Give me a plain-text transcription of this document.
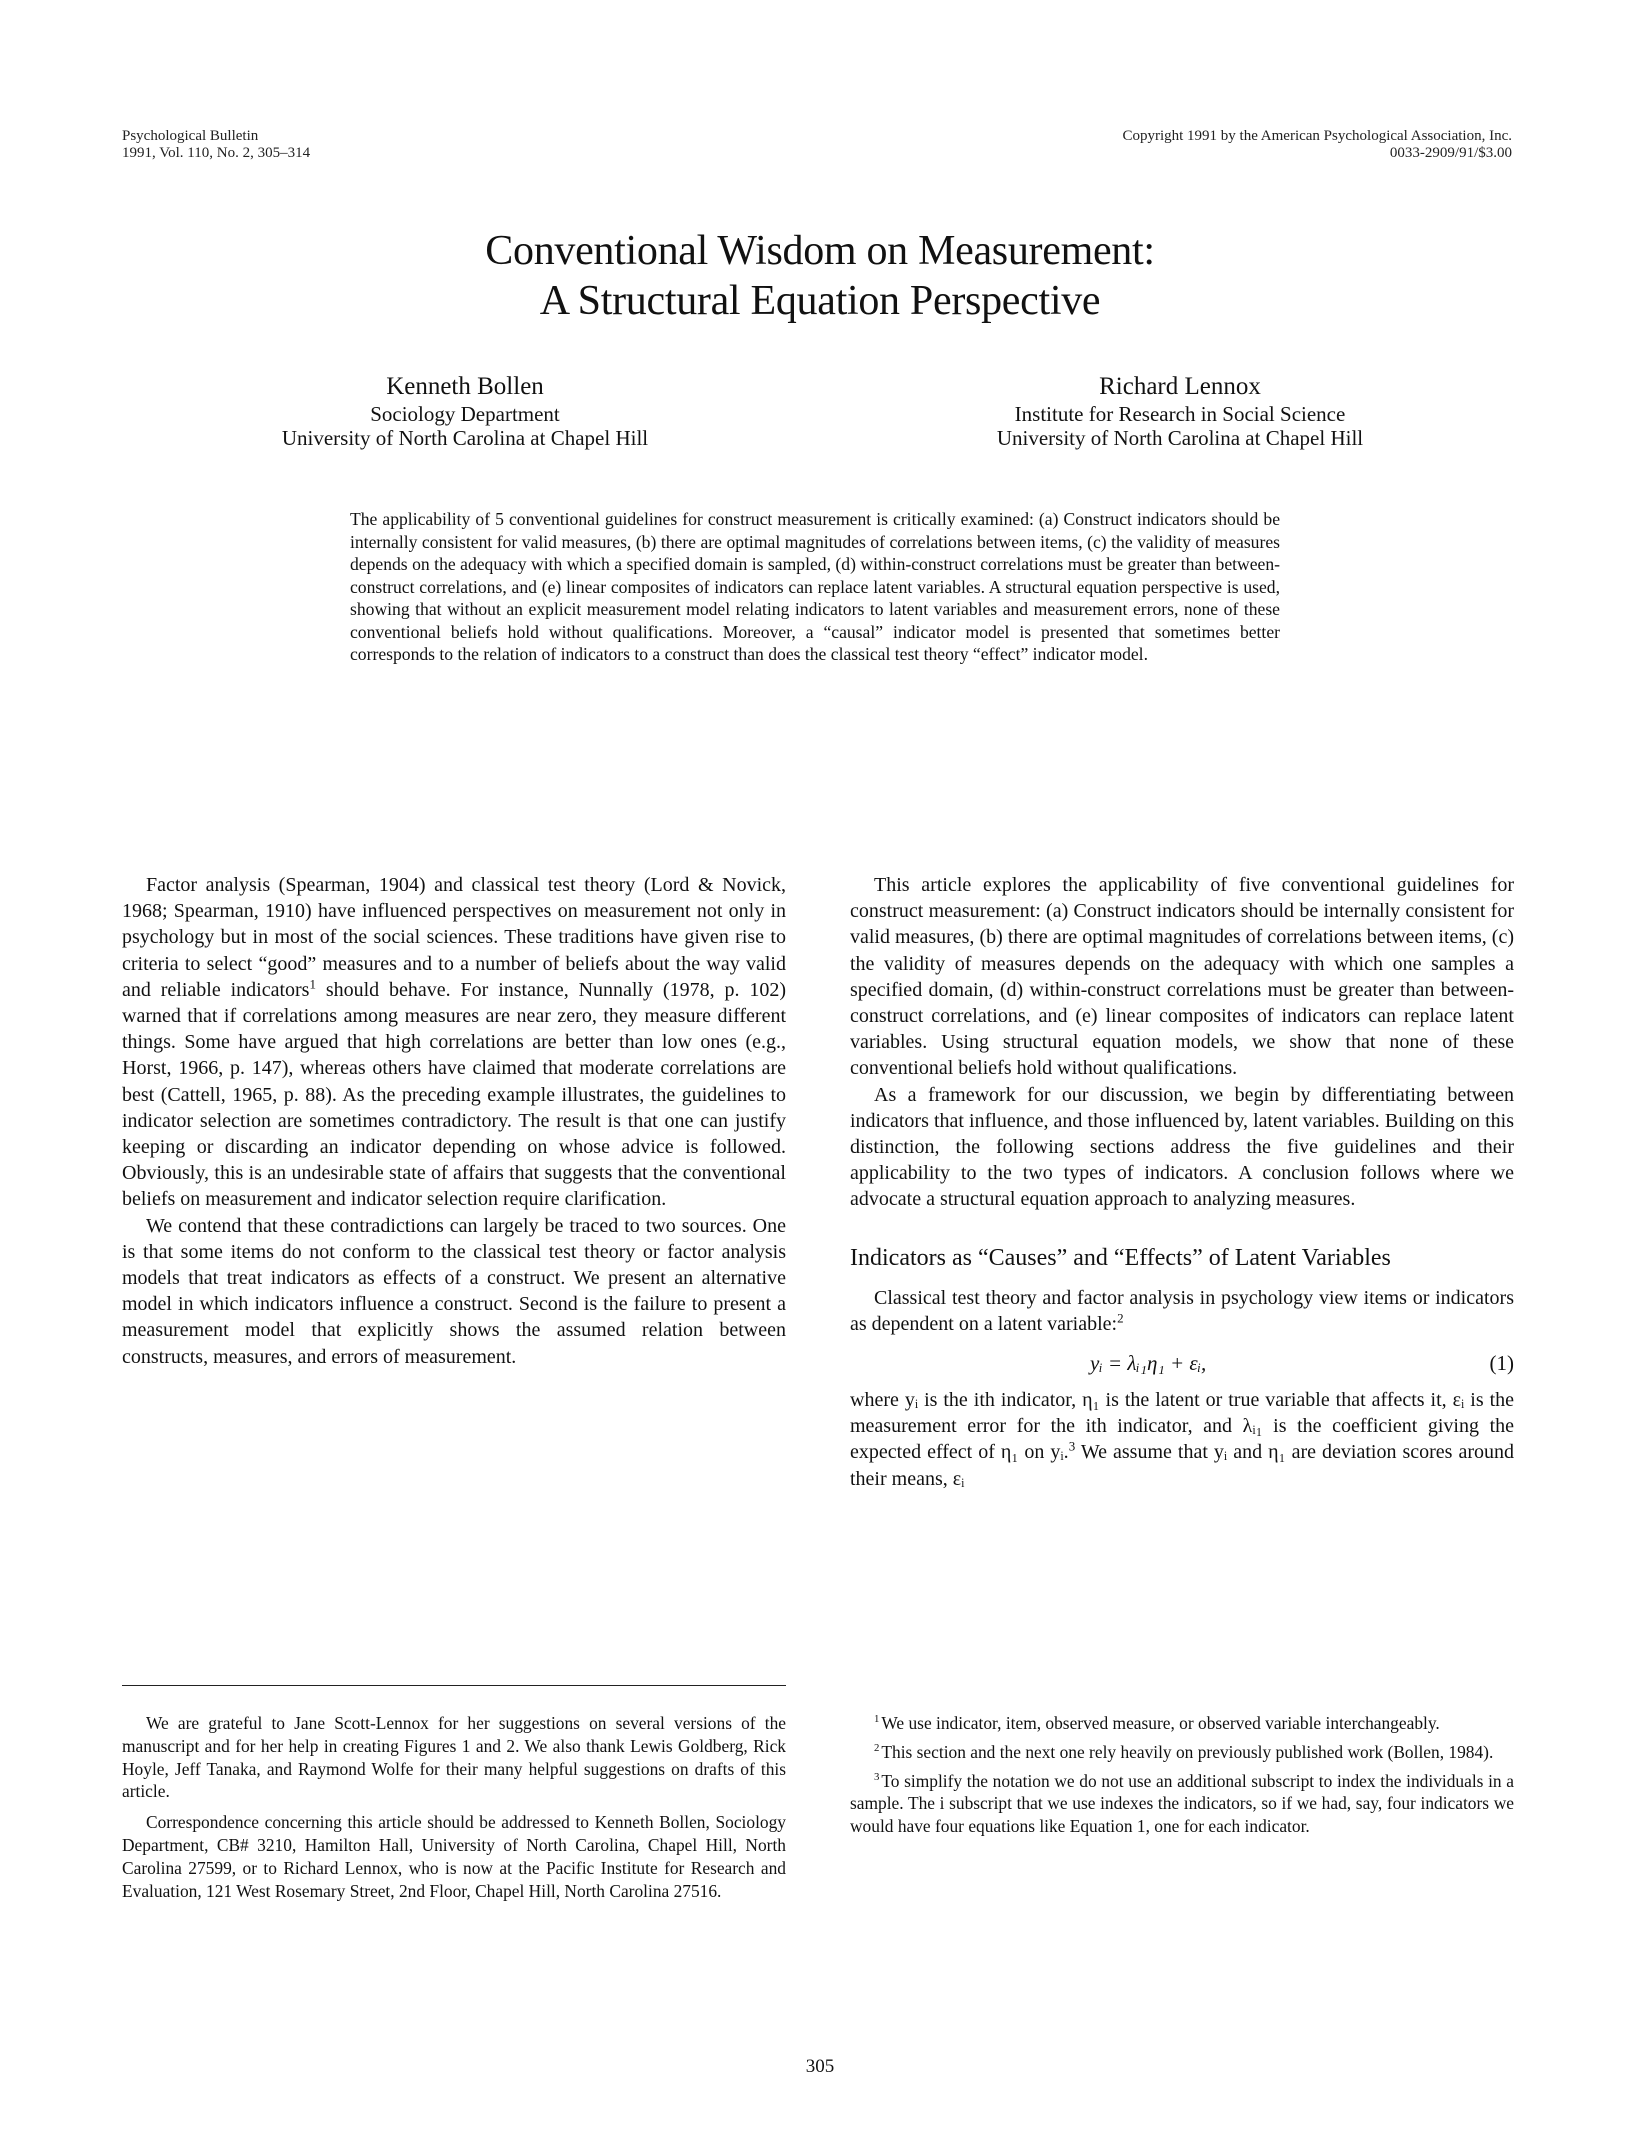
Psychological Bulletin
1991, Vol. 110, No. 2, 305–314
Copyright 1991 by the American Psychological Association, Inc.
0033-2909/91/$3.00
Conventional Wisdom on Measurement:
A Structural Equation Perspective
Kenneth Bollen
Sociology Department
University of North Carolina at Chapel Hill
Richard Lennox
Institute for Research in Social Science
University of North Carolina at Chapel Hill
The applicability of 5 conventional guidelines for construct measurement is critically examined: (a) Construct indicators should be internally consistent for valid measures, (b) there are optimal magnitudes of correlations between items, (c) the validity of measures depends on the adequacy with which a specified domain is sampled, (d) within-construct correlations must be greater than between-construct correlations, and (e) linear composites of indicators can replace latent variables. A structural equation perspective is used, showing that without an explicit measurement model relating indicators to latent variables and measurement errors, none of these conventional beliefs hold without qualifications. Moreover, a “causal” indicator model is presented that sometimes better corresponds to the relation of indicators to a construct than does the classical test theory “effect” indicator model.

Factor analysis (Spearman, 1904) and classical test theory (Lord & Novick, 1968; Spearman, 1910) have influenced perspectives on measurement not only in psychology but in most of the social sciences. These traditions have given rise to criteria to select “good” measures and to a number of beliefs about the way valid and reliable indicators$^1$ should behave. For instance, Nunnally (1978, p. 102) warned that if correlations among measures are near zero, they measure different things. Some have argued that high correlations are better than low ones (e.g., Horst, 1966, p. 147), whereas others have claimed that moderate correlations are best (Cattell, 1965, p. 88). As the preceding example illustrates, the guidelines to indicator selection are sometimes contradictory. The result is that one can justify keeping or discarding an indicator depending on whose advice is followed. Obviously, this is an undesirable state of affairs that suggests that the conventional beliefs on measurement and indicator selection require clarification.

We contend that these contradictions can largely be traced to two sources. One is that some items do not conform to the classical test theory or factor analysis models that treat indicators as effects of a construct. We present an alternative model in which indicators influence a construct. Second is the failure to present a measurement model that explicitly shows the assumed relation between constructs, measures, and errors of measurement.

This article explores the applicability of five conventional guidelines for construct measurement: (a) Construct indicators should be internally consistent for valid measures, (b) there are optimal magnitudes of correlations between items, (c) the validity of measures depends on the adequacy with which one samples a specified domain, (d) within-construct correlations must be greater than between-construct correlations, and (e) linear composites of indicators can replace latent variables. Using structural equation models, we show that none of these conventional beliefs hold without qualifications.

As a framework for our discussion, we begin by differentiating between indicators that influence, and those influenced by, latent variables. Building on this distinction, the following sections address the five guidelines and their applicability to the two types of indicators. A conclusion follows where we advocate a structural equation approach to analyzing measures.

Indicators as “Causes” and “Effects” of Latent Variables

Classical test theory and factor analysis in psychology view items or indicators as dependent on a latent variable:$^2$

yᵢ = λᵢ₁η₁ + εᵢ,	(1)

where yᵢ is the ith indicator, η₁ is the latent or true variable that affects it, εᵢ is the measurement error for the ith indicator, and λᵢ₁ is the coefficient giving the expected effect of η₁ on yᵢ.$^3$ We assume that yᵢ and η₁ are deviation scores around their means, εᵢ

We are grateful to Jane Scott-Lennox for her suggestions on several versions of the manuscript and for her help in creating Figures 1 and 2. We also thank Lewis Goldberg, Rick Hoyle, Jeff Tanaka, and Raymond Wolfe for their many helpful suggestions on drafts of this article.

Correspondence concerning this article should be addressed to Kenneth Bollen, Sociology Department, CB# 3210, Hamilton Hall, University of North Carolina, Chapel Hill, North Carolina 27599, or to Richard Lennox, who is now at the Pacific Institute for Research and Evaluation, 121 West Rosemary Street, 2nd Floor, Chapel Hill, North Carolina 27516.

$^1$ We use indicator, item, observed measure, or observed variable interchangeably.

$^2$ This section and the next one rely heavily on previously published work (Bollen, 1984).

$^3$ To simplify the notation we do not use an additional subscript to index the individuals in a sample. The i subscript that we use indexes the indicators, so if we had, say, four indicators we would have four equations like Equation 1, one for each indicator.

305
